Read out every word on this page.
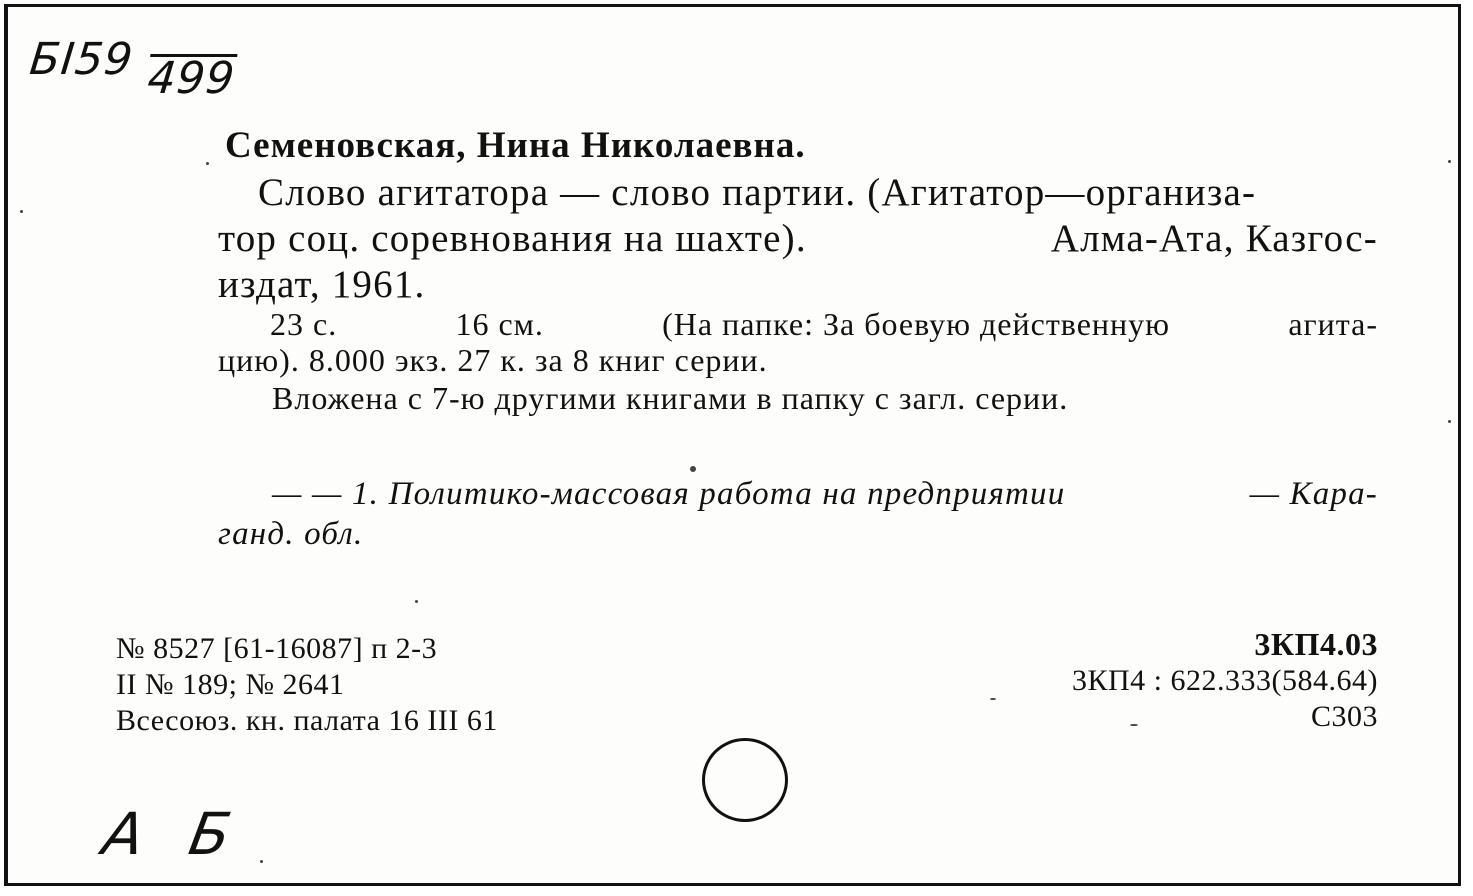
БI59 499
Семеновская, Нина Николаевна.
Слово агитатора — слово партии. (Агитатор—организа-
тор соц. соревнования на шахте).	Алма-Ата, Казгос-
издат, 1961.
23 с.	16 см.	(На папке: За боевую действенную	агита-
цию). 8.000 экз. 27 к. за 8 книг серии.
Вложена с 7-ю другими книгами в папку с загл. серии.
— — 1. Политико-массовая работа на предприятии	— Кара-
ганд. обл.
№ 8527 [61-16087] п 2-3
II № 189; № 2641
Всесоюз. кн. палата 16 III 61
3КП4.03
3КП4 : 622.333(584.64)
С303
А Б
